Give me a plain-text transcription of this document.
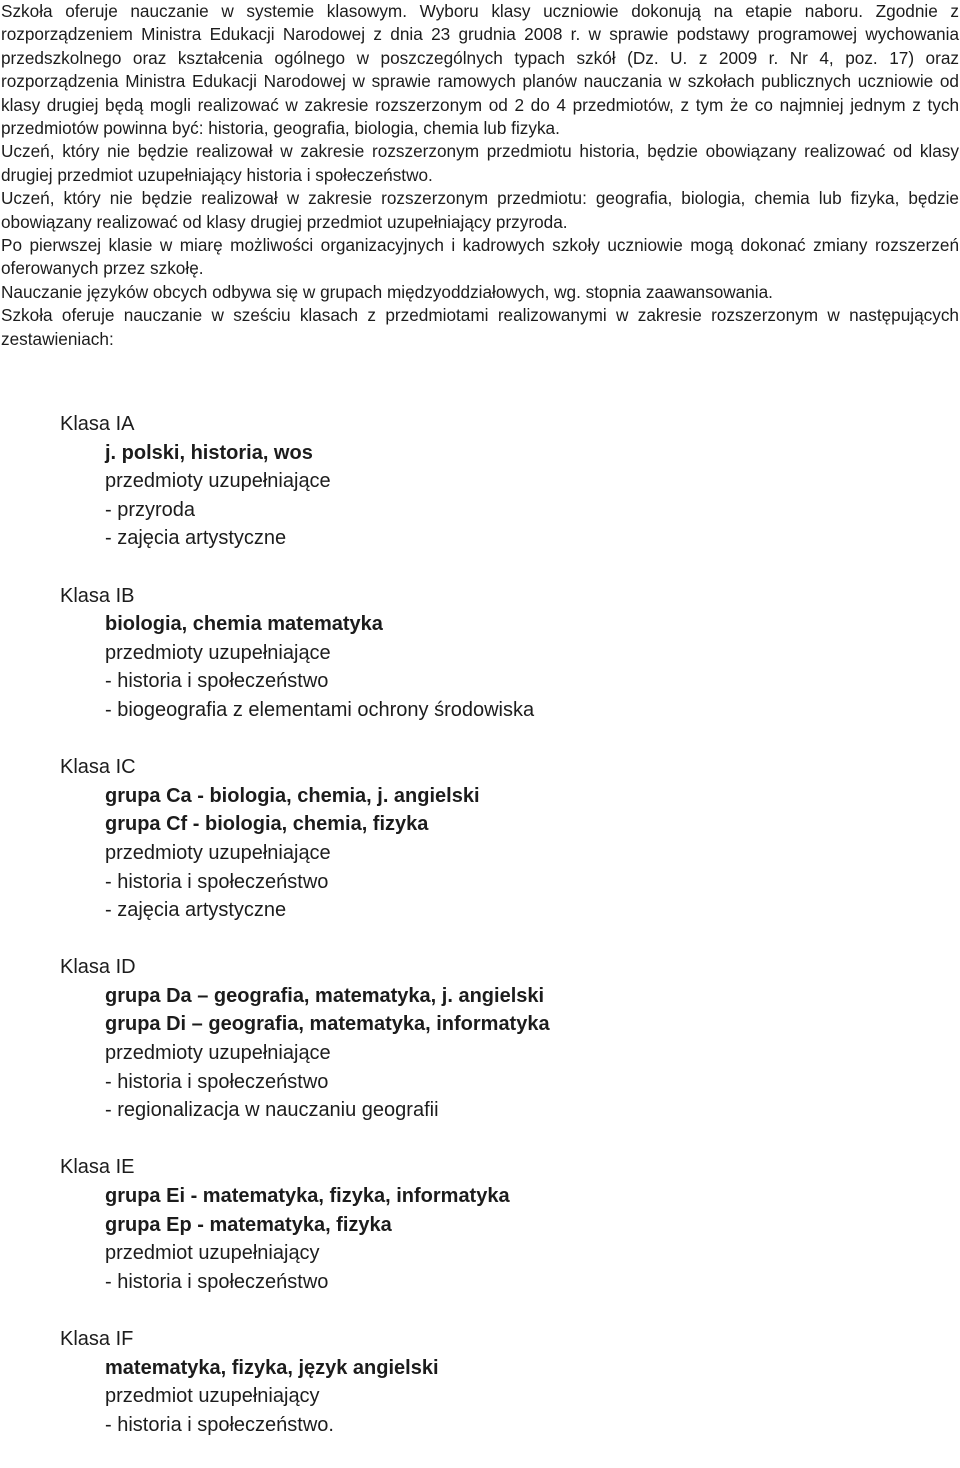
Szkoła oferuje nauczanie w systemie klasowym. Wyboru klasy uczniowie dokonują na etapie naboru. Zgodnie z rozporządzeniem Ministra Edukacji Narodowej z dnia 23 grudnia 2008 r. w sprawie podstawy programowej wychowania przedszkolnego oraz kształcenia ogólnego w poszczególnych typach szkół (Dz. U. z 2009 r. Nr 4, poz. 17) oraz rozporządzenia Ministra Edukacji Narodowej w sprawie ramowych planów nauczania w szkołach publicznych uczniowie od klasy drugiej będą mogli realizować w zakresie rozszerzonym od 2 do 4 przedmiotów, z tym że co najmniej jednym z tych przedmiotów powinna być: historia, geografia, biologia, chemia lub fizyka.

Uczeń, który nie będzie realizował w zakresie rozszerzonym przedmiotu historia, będzie obowiązany realizować od klasy drugiej przedmiot uzupełniający historia i społeczeństwo.

Uczeń, który nie będzie realizował w zakresie rozszerzonym przedmiotu: geografia, biologia, chemia lub fizyka, będzie obowiązany realizować od klasy drugiej przedmiot uzupełniający przyroda.

Po pierwszej klasie w miarę możliwości organizacyjnych i kadrowych szkoły uczniowie mogą dokonać zmiany rozszerzeń oferowanych przez szkołę.

Nauczanie języków obcych odbywa się w grupach międzyoddziałowych, wg. stopnia zaawansowania.

Szkoła oferuje nauczanie w sześciu klasach z przedmiotami realizowanymi w zakresie rozszerzonym w następujących zestawieniach:

Klasa IA
j. polski, historia, wos
przedmioty uzupełniające
- przyroda
- zajęcia artystyczne
Klasa IB
biologia, chemia matematyka
przedmioty uzupełniające
- historia i społeczeństwo
- biogeografia z elementami ochrony środowiska
Klasa IC
grupa Ca - biologia, chemia, j. angielski
grupa Cf - biologia, chemia, fizyka
przedmioty uzupełniające
- historia i społeczeństwo
- zajęcia artystyczne
Klasa ID
grupa Da – geografia, matematyka, j. angielski
grupa Di – geografia, matematyka, informatyka
przedmioty uzupełniające
- historia i społeczeństwo
- regionalizacja w nauczaniu geografii
Klasa IE
grupa Ei - matematyka, fizyka, informatyka
grupa Ep - matematyka, fizyka
przedmiot uzupełniający
- historia i społeczeństwo
Klasa IF
matematyka, fizyka, język angielski
przedmiot uzupełniający
- historia i społeczeństwo.
